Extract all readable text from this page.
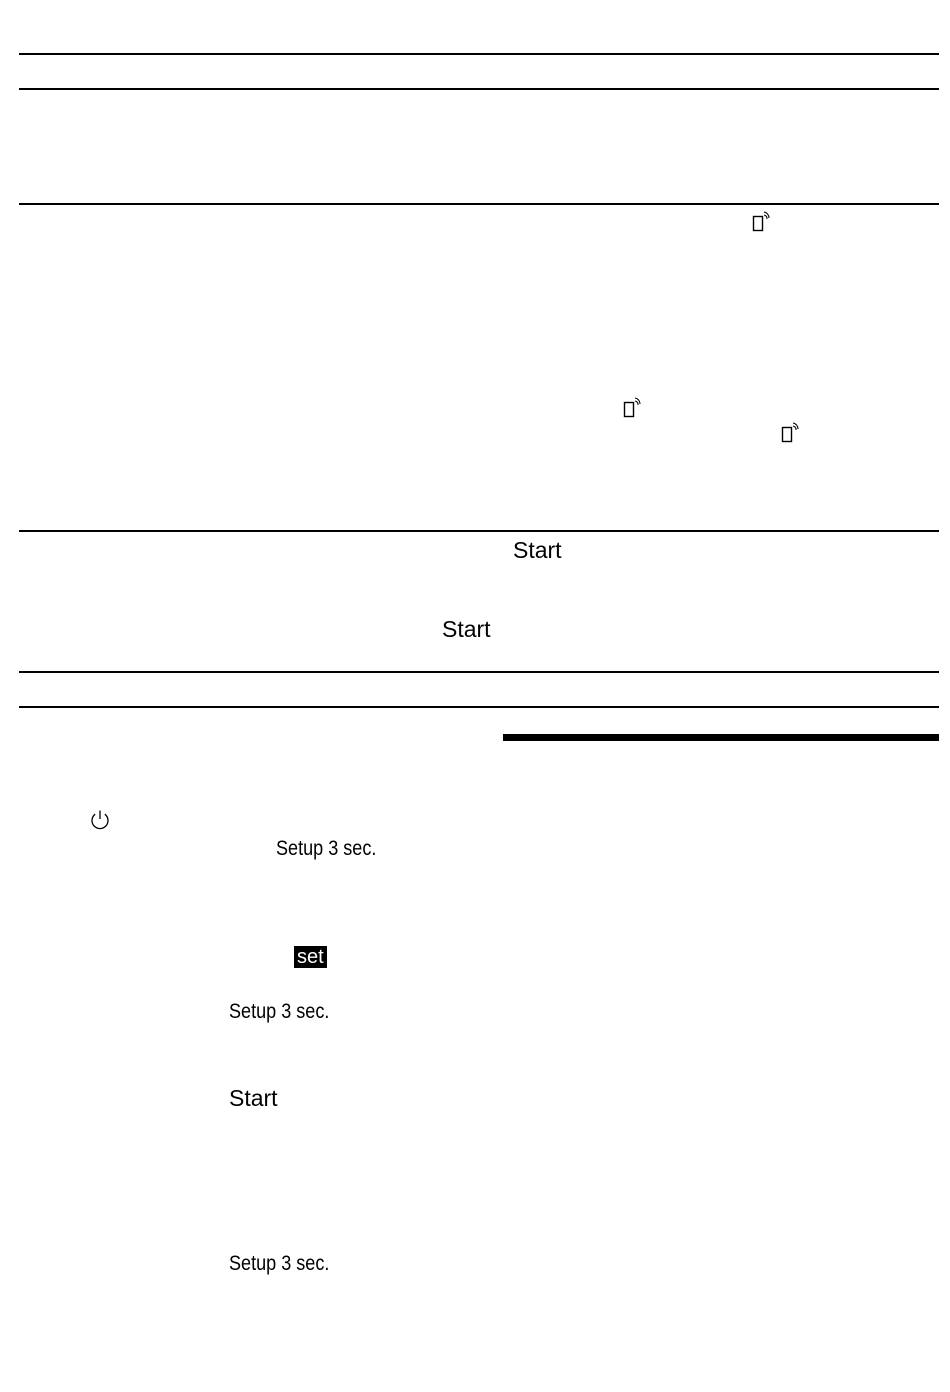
Start
Start
Setup 3 sec.
set
Setup 3 sec.
Start
Setup 3 sec.
